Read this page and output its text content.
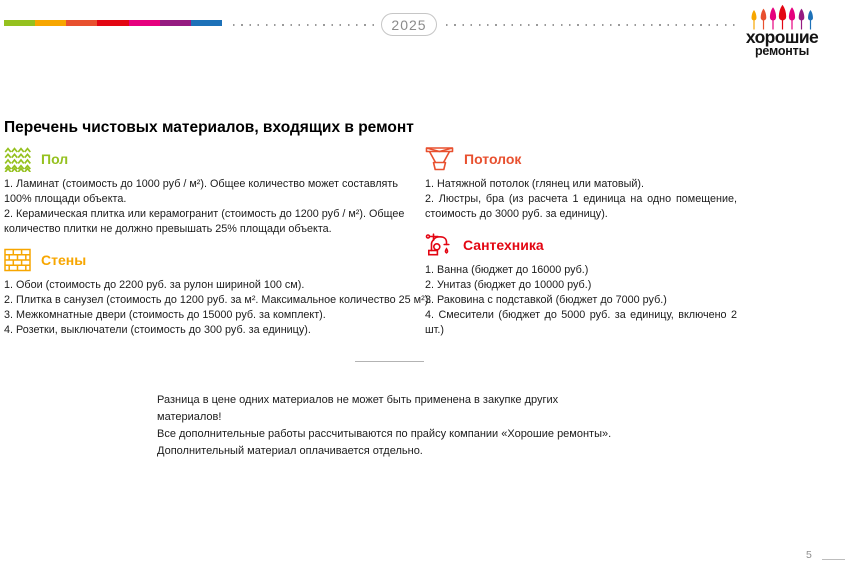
2025
хорошие
ремонты
Перечень чистовых материалов, входящих в ремонт
Пол

1. Ламинат (стоимость до 1000 руб / м²). Общее количество может составлять 100% площади объекта.

2. Керамическая плитка или керамогранит (стоимость до 1200 руб / м²). Общее количество плитки не должно превышать 25% площади объекта.

Стены

1. Обои (стоимость до 2200 руб. за рулон шириной 100 см).

2. Плитка в санузел (стоимость до 1200 руб. за м². Максимальное количество 25 м²).

3. Межкомнатные двери (стоимость до 15000 руб. за комплект).

4. Розетки, выключатели (стоимость до 300 руб. за единицу).

Потолок

1. Натяжной потолок (глянец или матовый).

2. Люстры, бра (из расчета 1 единица на одно помещение, стоимость до 3000 руб. за единицу).

Сантехника

1. Ванна (бюджет до 16000 руб.)

2. Унитаз (бюджет до 10000 руб.)

3. Раковина с подставкой (бюджет до 7000 руб.)

4. Смесители (бюджет до 5000 руб. за единицу, включено 2 шт.)

Разница в цене одних материалов не может быть применена в закупке других материалов!

Все дополнительные работы рассчитываются по прайсу компании «Хорошие ремонты».

Дополнительный материал оплачивается отдельно.

5
